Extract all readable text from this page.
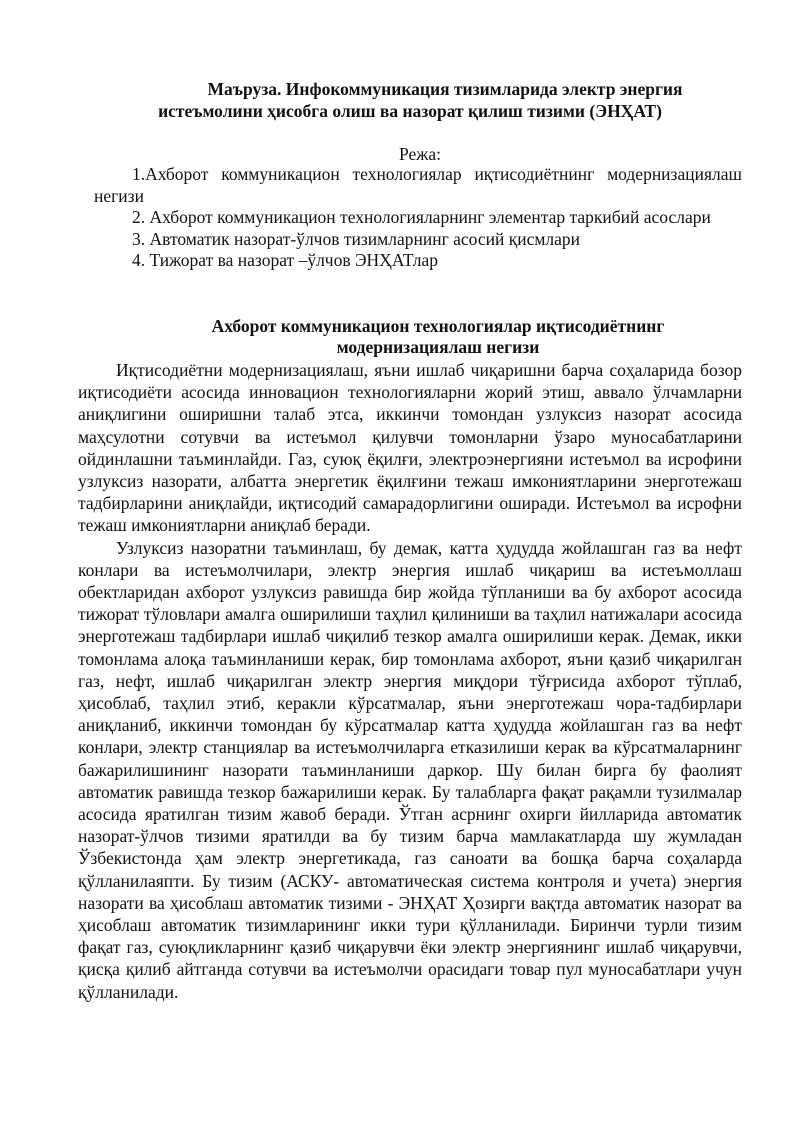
Маъруза. Инфокоммуникация тизимларида электр энергия
истеъмолини ҳисобга олиш ва назорат қилиш тизими (ЭНҲАТ)
Режа:
1.Ахборот коммуникацион технологиялар иқтисодиётнинг модернизациялаш негизи
2. Ахборот коммуникацион технологияларнинг элементар таркибий асослари
3. Автоматик назорат-ўлчов тизимларнинг асосий қисмлари
4. Тижорат ва назорат –ўлчов ЭНҲАТлар
Ахборот коммуникацион технологиялар иқтисодиётнинг
модернизациялаш негизи

Иқтисодиётни модернизациялаш, яъни ишлаб чиқаришни барча соҳаларида бозор иқтисодиёти асосида инновацион технологияларни жорий этиш, аввало ўлчамларни аниқлигини оширишни талаб этса, иккинчи томондан узлуксиз назорат асосида маҳсулотни сотувчи ва истеъмол қилувчи томонларни ўзаро муносабатларини ойдинлашни таъминлайди. Газ, суюқ ёқилғи, электроэнергияни истеъмол ва исрофини узлуксиз назорати, албатта энергетик ёқилғини тежаш имкониятларини энерготежаш тадбирларини аниқлайди, иқтисодий самарадорлигини оширади. Истеъмол ва исрофни тежаш имкониятларни аниқлаб беради.

Узлуксиз назоратни таъминлаш, бу демак, катта ҳудудда жойлашган газ ва нефт конлари ва истеъмолчилари, электр энергия ишлаб чиқариш ва истеъмоллаш обектларидан ахборот узлуксиз равишда бир жойда тўпланиши ва бу ахборот асосида тижорат тўловлари амалга оширилиши таҳлил қилиниши ва таҳлил натижалари асосида энерготежаш тадбирлари ишлаб чиқилиб тезкор амалга оширилиши керак. Демак, икки томонлама алоқа таъминланиши керак, бир томонлама ахборот, яъни қазиб чиқарилган газ, нефт, ишлаб чиқарилган электр энергия миқдори тўғрисида ахборот тўплаб, ҳисоблаб, таҳлил этиб, керакли кўрсатмалар, яъни энерготежаш чора-тадбирлари аниқланиб, иккинчи томондан бу кўрсатмалар катта ҳудудда жойлашган газ ва нефт конлари, электр станциялар ва истеъмолчиларга етказилиши керак ва кўрсатмаларнинг бажарилишининг назорати таъминланиши даркор. Шу билан бирга бу фаолият автоматик равишда тезкор бажарилиши керак. Бу талабларга фақат рақамли тузилмалар асосида яратилган тизим жавоб беради. Ўтган асрнинг охирги йилларида автоматик назорат-ўлчов тизими яратилди ва бу тизим барча мамлакатларда шу жумладан Ўзбекистонда ҳам электр энергетикада, газ саноати ва бошқа барча соҳаларда қўлланилаяпти. Бу тизим (АСКУ- автоматическая система контроля и учета) энергия назорати ва ҳисоблаш автоматик тизими - ЭНҲАТ Ҳозирги вақтда автоматик назорат ва ҳисоблаш автоматик тизимларининг икки тури қўлланилади. Биринчи турли тизим фақат газ, суюқликларнинг қазиб чиқарувчи ёки электр энергиянинг ишлаб чиқарувчи, қисқа қилиб айтганда сотувчи ва истеъмолчи орасидаги товар пул муносабатлари учун қўлланилади.
